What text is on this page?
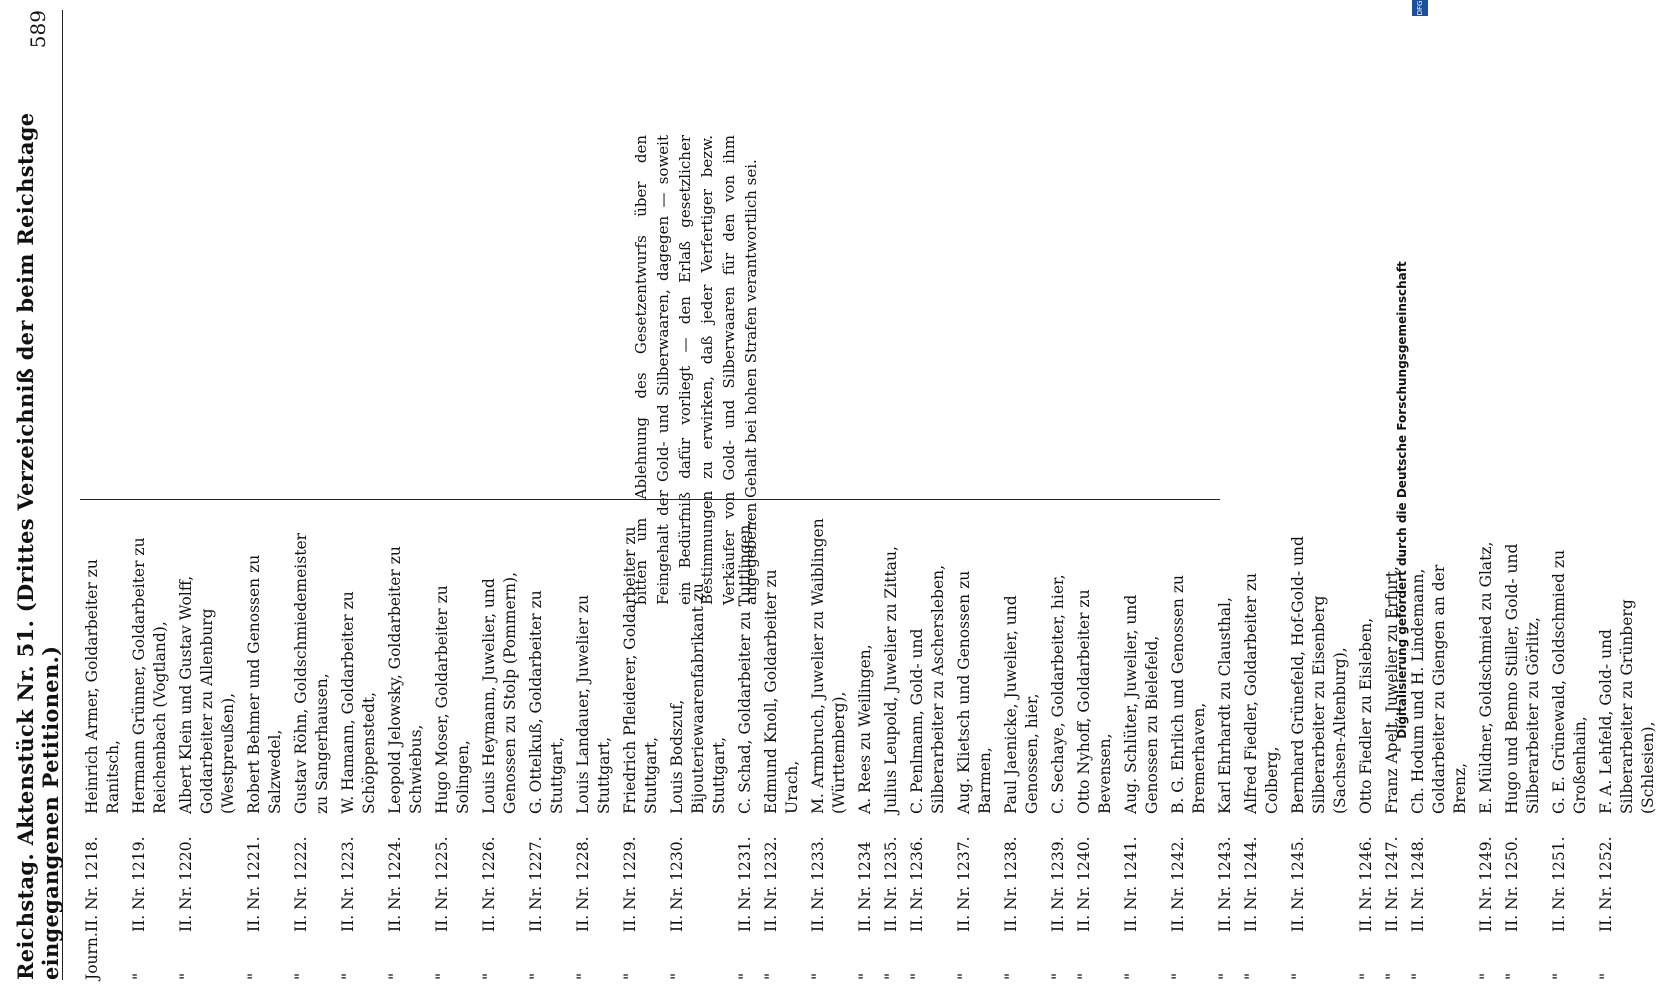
Reichstag. Aktenstück Nr. 51. (Drittes Verzeichniß der beim Reichstage eingegangenen Petitionen.)
589
Journ.
II.
Nr. 1218.
Heinrich Armer, Goldarbeiter zu Ranitsch,
"
II.
Nr. 1219.
Hermann Grünner, Goldarbeiter zu Reichenbach (Vogtland),
"
II.
Nr. 1220.
Albert Klein und Gustav Wolff, Goldarbeiter zu Allenburg (Westpreußen),
"
II.
Nr. 1221.
Robert Behmer und Genossen zu Salzwedel,
"
II.
Nr. 1222.
Gustav Röhn, Goldschmiedemeister zu Sangerhausen,
"
II.
Nr. 1223.
W. Hamann, Goldarbeiter zu Schöppenstedt,
"
II.
Nr. 1224.
Leopold Jelowsky, Goldarbeiter zu Schwiebus,
"
II.
Nr. 1225.
Hugo Moser, Goldarbeiter zu Solingen,
"
II.
Nr. 1226.
Louis Heymann, Juwelier, und Genossen zu Stolp (Pommern),
"
II.
Nr. 1227.
G. Ottelkuß, Goldarbeiter zu Stuttgart,
"
II.
Nr. 1228.
Louis Landauer, Juwelier zu Stuttgart,
"
II.
Nr. 1229.
Friedrich Pfleiderer, Goldarbeiter zu Stuttgart,
"
II.
Nr. 1230.
Louis Bodszuf, Bijouteriewaarenfabrikant zu Stuttgart,
"
II.
Nr. 1231.
C. Schad, Goldarbeiter zu Tuttlingen,
"
II.
Nr. 1232.
Edmund Knoll, Goldarbeiter zu Urach,
"
II.
Nr. 1233.
M. Armbruch, Juwelier zu Waiblingen (Württemberg),
"
II.
Nr. 1234
A. Rees zu Weilingen,
"
II.
Nr. 1235.
Julius Leupold, Juwelier zu Zittau,
"
II.
Nr. 1236.
C. Penlmann, Gold- und Silberarbeiter zu Aschersleben,
"
II.
Nr. 1237.
Aug. Klietsch und Genossen zu Barmen,
"
II.
Nr. 1238.
Paul Jaenicke, Juwelier, und Genossen, hier,
"
II.
Nr. 1239.
C. Sechaye, Goldarbeiter, hier,
"
II.
Nr. 1240.
Otto Nyhoff, Goldarbeiter zu Bevensen,
"
II.
Nr. 1241.
Aug. Schlüter, Juwelier, und Genossen zu Bielefeld,
"
II.
Nr. 1242.
B. G. Ehrlich und Genossen zu Bremerhaven,
"
II.
Nr. 1243.
Karl Ehrhardt zu Clausthal,
"
II.
Nr. 1244.
Alfred Fiedler, Goldarbeiter zu Colberg,
"
II.
Nr. 1245.
Bernhard Grünefeld, Hof-Gold- und Silberarbeiter zu Eisenberg (Sachsen-Altenburg),
"
II.
Nr. 1246.
Otto Fiedler zu Eisleben,
"
II.
Nr. 1247.
Franz Apelt, Juwelier zu Erfurt,
"
II.
Nr. 1248.
Ch. Hodum und H. Lindemann, Goldarbeiter zu Giengen an der Brenz,
"
II.
Nr. 1249.
E. Müldner, Goldschmied zu Glatz,
"
II.
Nr. 1250.
Hugo und Benno Stiller, Gold- und Silberarbeiter zu Görlitz,
"
II.
Nr. 1251.
G. E. Grünewald, Goldschmied zu Großenhain,
"
II.
Nr. 1252.
F. A. Lehfeld, Gold- und Silberarbeiter zu Grünberg (Schlesien),
bitten um Ablehnung des Gesetzentwurfs über den Feingehalt der Gold- und Silberwaaren, dagegen — soweit ein Bedürfniß dafür vorliegt — den Erlaß gesetzlicher Bestimmungen zu erwirken, daß jeder Verfertiger bezw. Verkäufer von Gold- und Silberwaaren für den von ihm angegebenen Gehalt bei hohen Strafen verantwortlich sei.	Digitalisierung gefördert durch die Deutsche Forschungsgemeinschaft
DFG
